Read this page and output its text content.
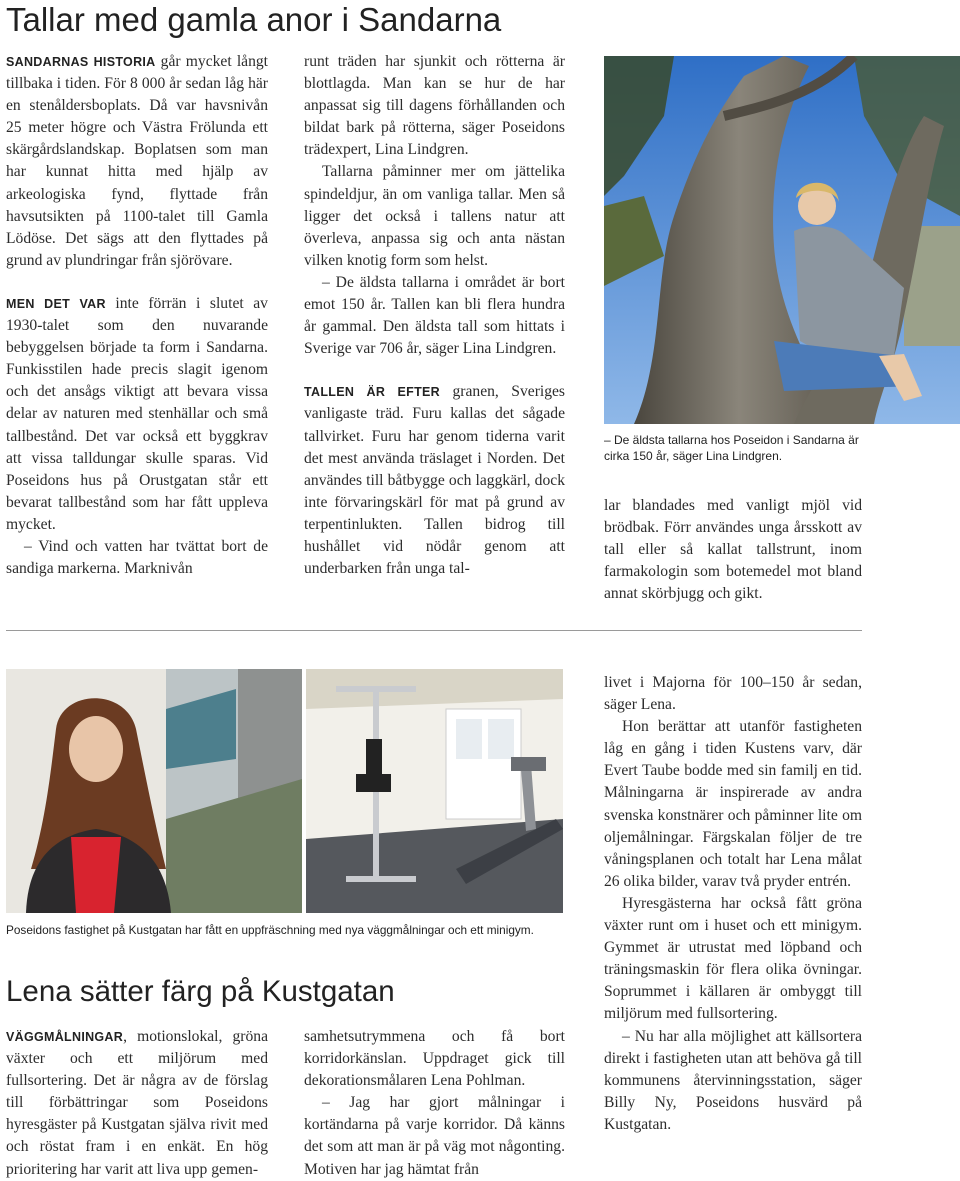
Tallar med gamla anor i Sandarna

SANDARNAS HISTORIA går mycket långt tillbaka i tiden. För 8 000 år sedan låg här en stenåldersboplats. Då var havsnivån 25 meter högre och Västra Frölunda ett skärgårdslandskap. Boplatsen som man har kunnat hitta med hjälp av arkeologiska fynd, flyttade från havsutsikten på 1100-talet till Gamla Lödöse. Det sägs att den flyttades på grund av plundringar från sjörövare.

MEN DET VAR inte förrän i slutet av 1930-talet som den nuvarande bebyggelsen började ta form i Sandarna. Funkisstilen hade precis slagit igenom och det ansågs viktigt att bevara vissa delar av naturen med stenhällar och små tallbestånd. Det var också ett byggkrav att vissa talldungar skulle sparas. Vid Poseidons hus på Orustgatan står ett bevarat tallbestånd som har fått uppleva mycket.

– Vind och vatten har tvättat bort de sandiga markerna. Marknivån

runt träden har sjunkit och rötterna är blottlagda. Man kan se hur de har anpassat sig till dagens förhållanden och bildat bark på rötterna, säger Poseidons trädexpert, Lina Lindgren.

Tallarna påminner mer om jättelika spindeldjur, än om vanliga tallar. Men så ligger det också i tallens natur att överleva, anpassa sig och anta nästan vilken knotig form som helst.

– De äldsta tallarna i området är bort emot 150 år. Tallen kan bli flera hundra år gammal. Den äldsta tall som hittats i Sverige var 706 år, säger Lina Lindgren.

TALLEN ÄR EFTER granen, Sveriges vanligaste träd. Furu kallas det sågade tallvirket. Furu har genom tiderna varit det mest använda träslaget i Norden. Det användes till båtbygge och laggkärl, dock inte förvaringskärl för mat på grund av terpentinlukten. Tallen bidrog till hushållet vid nödår genom att underbarken från unga tal-

– De äldsta tallarna hos Poseidon i Sandarna är cirka 150 år, säger Lina Lindgren.

lar blandades med vanligt mjöl vid brödbak. Förr användes unga årsskott av tall eller så kallat tallstrunt, inom farmakologin som botemedel mot bland annat skörbjugg och gikt.

Poseidons fastighet på Kustgatan har fått en uppfräschning med nya väggmålningar och ett minigym.
Lena sätter färg på Kustgatan

VÄGGMÅLNINGAR, motionslokal, gröna växter och ett miljörum med fullsortering. Det är några av de förslag till förbättringar som Poseidons hyresgäster på Kustgatan själva rivit med och röstat fram i en enkät. En hög prioritering har varit att liva upp gemen-

samhetsutrymmena och få bort korridorkänslan. Uppdraget gick till dekorationsmålaren Lena Pohlman.

– Jag har gjort målningar i kortändarna på varje korridor. Då känns det som att man är på väg mot någonting. Motiven har jag hämtat från

livet i Majorna för 100–150 år sedan, säger Lena.

Hon berättar att utanför fastigheten låg en gång i tiden Kustens varv, där Evert Taube bodde med sin familj en tid. Målningarna är inspirerade av andra svenska konstnärer och påminner lite om oljemålningar. Färgskalan följer de tre våningsplanen och totalt har Lena målat 26 olika bilder, varav två pryder entrén.

Hyresgästerna har också fått gröna växter runt om i huset och ett minigym. Gymmet är utrustat med löpband och träningsmaskin för flera olika övningar. Soprummet i källaren är ombyggt till miljörum med fullsortering.

– Nu har alla möjlighet att källsortera direkt i fastigheten utan att behöva gå till kommunens återvinningsstation, säger Billy Ny, Poseidons husvärd på Kustgatan.
